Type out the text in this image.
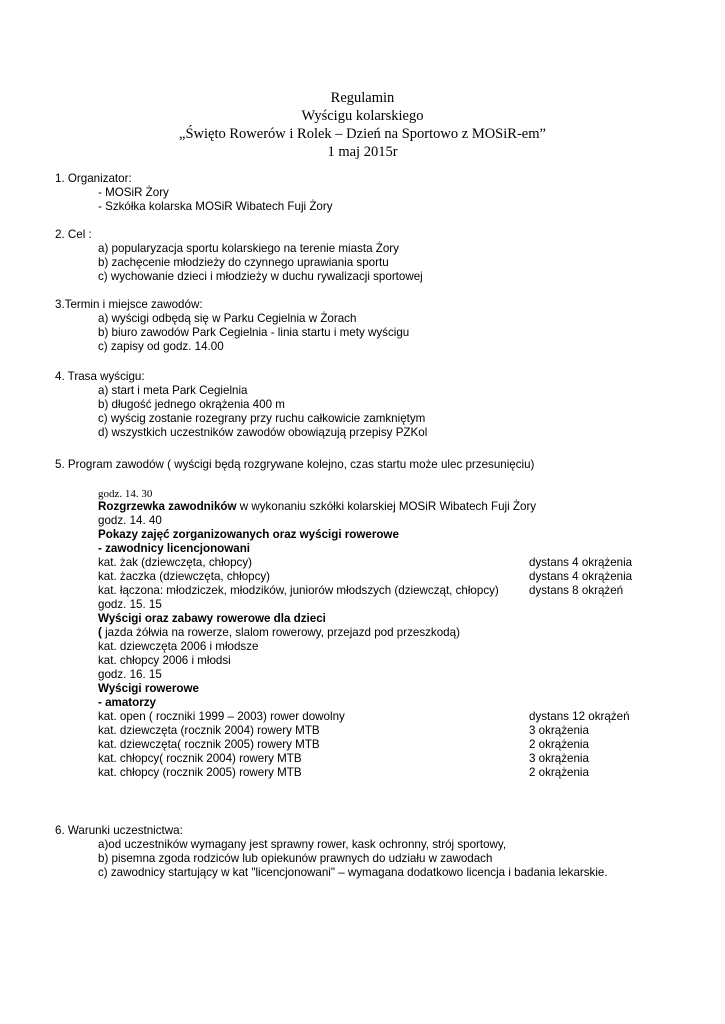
Regulamin
Wyścigu kolarskiego
„Święto Rowerów i Rolek – Dzień na Sportowo z MOSiR-em”
1 maj 2015r
1. Organizator:
- MOSiR Żory
- Szkółka kolarska MOSiR Wibatech Fuji Żory
2. Cel :
a) popularyzacja sportu kolarskiego na terenie miasta Żory
b) zachęcenie młodzieży do czynnego uprawiania sportu
c) wychowanie dzieci i młodzieży w duchu rywalizacji sportowej
3.Termin i miejsce zawodów:
a) wyścigi odbędą się w Parku Cegielnia w Żorach
b) biuro zawodów Park Cegielnia - linia startu i mety wyścigu
c) zapisy od godz. 14.00
4. Trasa wyścigu:
a) start i meta Park Cegielnia
b) długość jednego okrążenia 400 m
c) wyścig zostanie rozegrany przy ruchu całkowicie zamkniętym
d) wszystkich uczestników zawodów obowiązują przepisy PZKol
5. Program zawodów ( wyścigi będą rozgrywane kolejno, czas startu może ulec przesunięciu)
godz. 14. 30
Rozgrzewka zawodników w wykonaniu szkółki kolarskiej MOSiR Wibatech Fuji Żory
godz. 14. 40
Pokazy zajęć zorganizowanych oraz wyścigi rowerowe
- zawodnicy licencjonowani
kat. żak (dziewczęta, chłopcy)	dystans 4 okrążenia
kat. żaczka (dziewczęta, chłopcy)	dystans 4 okrążenia
kat. łączona: młodziczek, młodzików, juniorów młodszych (dziewcząt, chłopcy)	dystans 8 okrążeń
godz. 15. 15
Wyścigi oraz zabawy rowerowe dla dzieci
( jazda żółwia na rowerze, slalom rowerowy, przejazd pod przeszkodą)
kat. dziewczęta 2006 i młodsze
kat. chłopcy 2006 i młodsi
godz. 16. 15
Wyścigi rowerowe
- amatorzy
kat. open ( roczniki 1999 – 2003) rower dowolny	dystans 12 okrążeń
kat. dziewczęta (rocznik 2004) rowery MTB	3 okrążenia
kat. dziewczęta( rocznik 2005) rowery MTB	2 okrążenia
kat. chłopcy( rocznik 2004) rowery MTB	3 okrążenia
kat. chłopcy (rocznik 2005) rowery MTB	2 okrążenia
6. Warunki uczestnictwa:
a)od uczestników wymagany jest sprawny rower, kask ochronny, strój sportowy,
b) pisemna zgoda rodziców lub opiekunów prawnych do udziału w zawodach
c) zawodnicy startujący w kat "licencjonowani" – wymagana dodatkowo licencja i badania lekarskie.
